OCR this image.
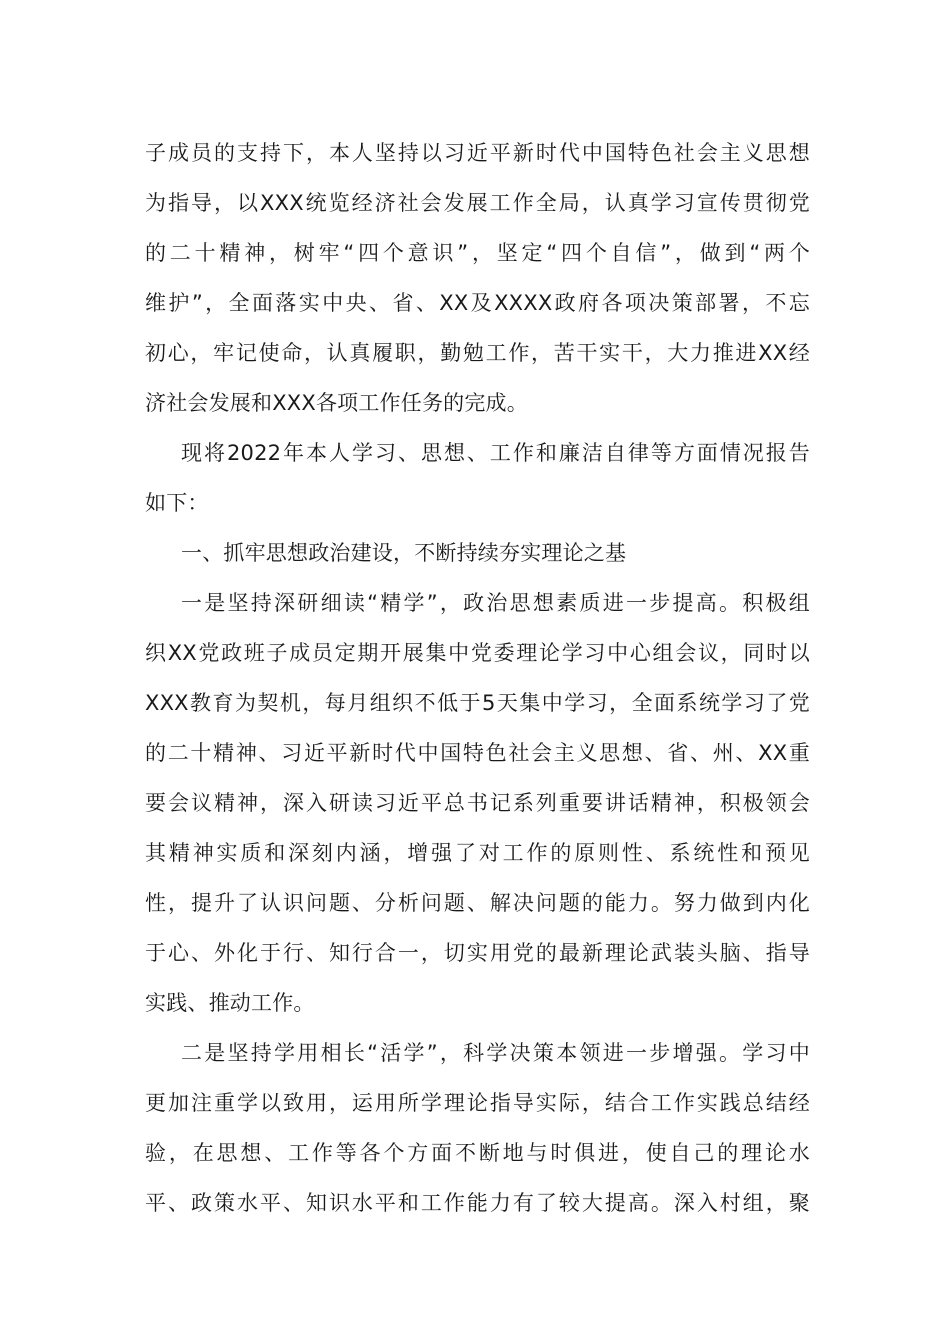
子成员的支持下，本人坚持以习近平新时代中国特色社会主义思想
为指导，以XXX统览经济社会发展工作全局，认真学习宣传贯彻党
的二十精神，树牢“四个意识”，坚定“四个自信”，做到“两个
维护”，全面落实中央、省、XX及XXXX政府各项决策部署，不忘
初心，牢记使命，认真履职，勤勉工作，苦干实干，大力推进XX经
济社会发展和XXX各项工作任务的完成。
现将2022年本人学习、思想、工作和廉洁自律等方面情况报告
如下：
一、抓牢思想政治建设，不断持续夯实理论之基
一是坚持深研细读“精学”，政治思想素质进一步提高。积极组
织XX党政班子成员定期开展集中党委理论学习中心组会议，同时以
XXX教育为契机，每月组织不低于5天集中学习，全面系统学习了党
的二十精神、习近平新时代中国特色社会主义思想、省、州、XX重
要会议精神，深入研读习近平总书记系列重要讲话精神，积极领会
其精神实质和深刻内涵，增强了对工作的原则性、系统性和预见
性，提升了认识问题、分析问题、解决问题的能力。努力做到内化
于心、外化于行、知行合一，切实用党的最新理论武装头脑、指导
实践、推动工作。
二是坚持学用相长“活学”，科学决策本领进一步增强。学习中
更加注重学以致用，运用所学理论指导实际，结合工作实践总结经
验，在思想、工作等各个方面不断地与时俱进，使自己的理论水
平、政策水平、知识水平和工作能力有了较大提高。深入村组，聚
